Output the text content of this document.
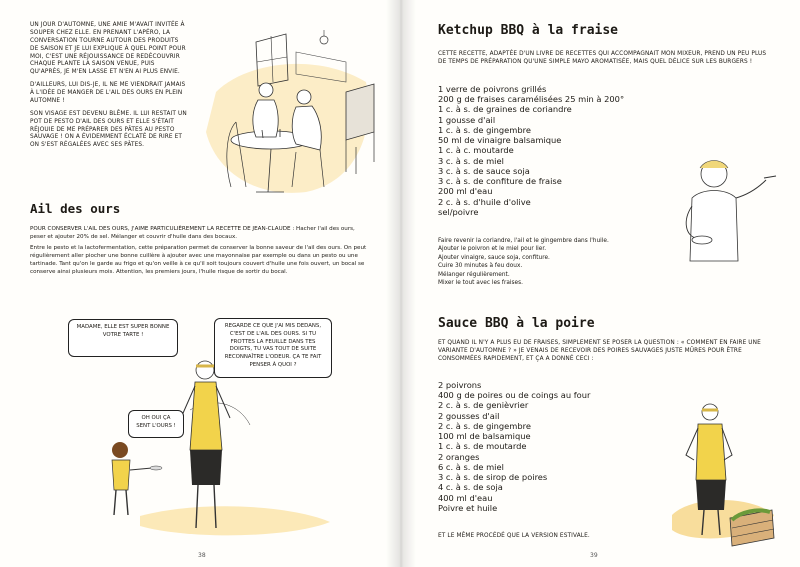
UN JOUR D'AUTOMNE, UNE AMIE M'AVAIT INVITÉE À SOUPER CHEZ ELLE. EN PRENANT L'APÉRO, LA CONVERSATION TOURNE AUTOUR DES PRODUITS DE SAISON ET JE LUI EXPLIQUE À QUEL POINT POUR MOI, C'EST UNE RÉJOUISSANCE DE REDÉCOUVRIR CHAQUE PLANTE LA SAISON VENUE, PUIS QU'APRÈS, JE M'EN LASSE ET N'EN AI PLUS ENVIE.

D'AILLEURS, LUI DIS-JE, IL NE ME VIENDRAIT JAMAIS À L'IDÉE DE MANGER DE L'AIL DES OURS EN PLEIN AUTOMNE !

SON VISAGE EST DEVENU BLÊME. IL LUI RESTAIT UN POT DE PESTO D'AIL DES OURS ET ELLE S'ÉTAIT RÉJOUIE DE ME PRÉPARER DES PÂTES AU PESTO SAUVAGE ! ON A ÉVIDEMMENT ÉCLATÉ DE RIRE ET ON S'EST RÉGALÉES AVEC SES PÂTES.

Ail des ours

POUR CONSERVER L'AIL DES OURS, J'AIME PARTICULIÈREMENT LA RECETTE DE JEAN-CLAUDE : Hacher l'ail des ours, peser et ajouter 20% de sel. Mélanger et couvrir d'huile dans des bocaux.

Entre le pesto et la lactofermentation, cette préparation permet de conserver la bonne saveur de l'ail des ours. On peut régulièrement aller piocher une bonne cuillère à ajouter avec une mayonnaise par exemple ou dans un pesto ou une tartinade. Tant qu'on le garde au frigo et qu'on veille à ce qu'il soit toujours couvert d'huile une fois ouvert, un bocal se conserve ainsi plusieurs mois. Attention, les premiers jours, l'huile risque de sortir du bocal.

MADAME, ELLE EST SUPER BONNE VOTRE TARTE !
REGARDE CE QUE J'AI MIS DEDANS, C'EST DE L'AIL DES OURS. SI TU FROTTES LA FEUILLE DANS TES DOIGTS, TU VAS TOUT DE SUITE RECONNAÎTRE L'ODEUR. ÇA TE FAIT PENSER À QUOI ?
OH OUI ÇA SENT L'OURS !
38
Ketchup BBQ à la fraise
CETTE RECETTE, ADAPTÉE D'UN LIVRE DE RECETTES QUI ACCOMPAGNAIT MON MIXEUR, PREND UN PEU PLUS DE TEMPS DE PRÉPARATION QU'UNE SIMPLE MAYO AROMATISÉE, MAIS QUEL DÉLICE SUR LES BURGERS !
1 verre de poivrons grillés
200 g de fraises caramélisées 25 min à 200°
1 c. à s. de graines de coriandre
1 gousse d'ail
1 c. à s. de gingembre
50 ml de vinaigre balsamique
1 c. à c. moutarde
3 c. à s. de miel
3 c. à s. de sauce soja
3 c. à s. de confiture de fraise
200 ml d'eau
2 c. à s. d'huile d'olive
sel/poivre
Faire revenir la coriandre, l'ail et le gingembre dans l'huile.
Ajouter le poivron et le miel pour lier.
Ajouter vinaigre, sauce soja, confiture.
Cuire 30 minutes à feu doux.
Mélanger régulièrement.
Mixer le tout avec les fraises.
Sauce BBQ à la poire
ET QUAND IL N'Y A PLUS EU DE FRAISES, SIMPLEMENT SE POSER LA QUESTION : « COMMENT EN FAIRE UNE VARIANTE D'AUTOMNE ? » JE VENAIS DE RECEVOIR DES POIRES SAUVAGES JUSTE MÛRES POUR ÊTRE CONSOMMÉES RAPIDEMENT, ET ÇA A DONNÉ CECI :
2 poivrons
400 g de poires ou de coings au four
2 c. à s. de genièvrier
2 gousses d'ail
2 c. à s. de gingembre
100 ml de balsamique
1 c. à s. de moutarde
2 oranges
6 c. à s. de miel
3 c. à s. de sirop de poires
4 c. à s. de soja
400 ml d'eau
Poivre et huile
ET LE MÊME PROCÉDÉ QUE LA VERSION ESTIVALE.
39
